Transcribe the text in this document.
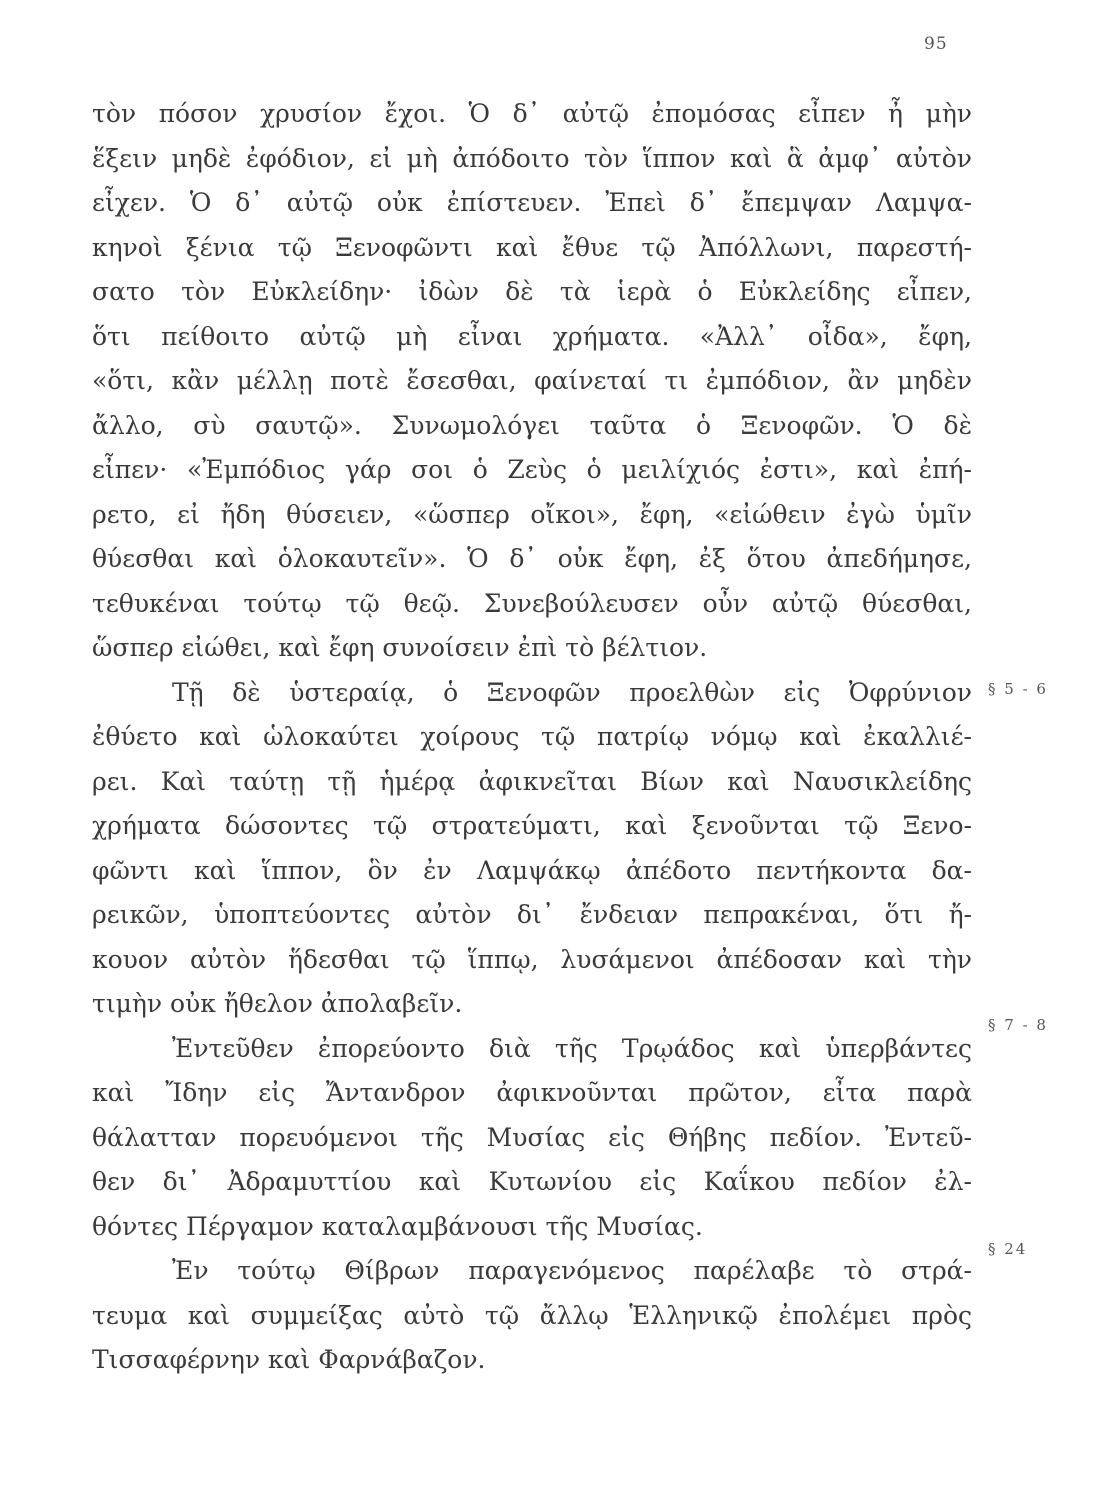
95
τὸν πόσον χρυσίον ἔχοι. Ὁ δ᾽ αὐτῷ ἐπομόσας εἶπεν ἦ μὴν
ἕξειν μηδὲ ἐφόδιον, εἰ μὴ ἀπόδοιτο τὸν ἵππον καὶ ἃ ἀμφ᾽ αὐτὸν
εἶχεν. Ὁ δ᾽ αὐτῷ οὐκ ἐπίστευεν. Ἐπεὶ δ᾽ ἔπεμψαν Λαμψα-
κηνοὶ ξένια τῷ Ξενοφῶντι καὶ ἔθυε τῷ Ἀπόλλωνι, παρεστή-
σατο τὸν Εὐκλείδην· ἰδὼν δὲ τὰ ἱερὰ ὁ Εὐκλείδης εἶπεν,
ὅτι πείθοιτο αὐτῷ μὴ εἶναι χρήματα. «Ἀλλ᾽ οἶδα», ἔφη,
«ὅτι, κἂν μέλλῃ ποτὲ ἔσεσθαι, φαίνεταί τι ἐμπόδιον, ἂν μηδὲν
ἄλλο, σὺ σαυτῷ». Συνωμολόγει ταῦτα ὁ Ξενοφῶν. Ὁ δὲ
εἶπεν· «Ἐμπόδιος γάρ σοι ὁ Ζεὺς ὁ μειλίχιός ἐστι», καὶ ἐπή-
ρετο, εἰ ἤδη θύσειεν, «ὥσπερ οἴκοι», ἔφη, «εἰώθειν ἐγὼ ὑμῖν
θύεσθαι καὶ ὁλοκαυτεῖν». Ὁ δ᾽ οὐκ ἔφη, ἐξ ὅτου ἀπεδήμησε,
τεθυκέναι τούτῳ τῷ θεῷ. Συνεβούλευσεν οὖν αὐτῷ θύεσθαι,
ὥσπερ εἰώθει, καὶ ἔφη συνοίσειν ἐπὶ τὸ βέλτιον.
Τῇ δὲ ὑστεραίᾳ, ὁ Ξενοφῶν προελθὼν εἰς Ὀφρύνιον
ἐθύετο καὶ ὡλοκαύτει χοίρους τῷ πατρίῳ νόμῳ καὶ ἐκαλλιέ-
ρει. Καὶ ταύτῃ τῇ ἡμέρᾳ ἀφικνεῖται Βίων καὶ Ναυσικλείδης
χρήματα δώσοντες τῷ στρατεύματι, καὶ ξενοῦνται τῷ Ξενο-
φῶντι καὶ ἵππον, ὃν ἐν Λαμψάκῳ ἀπέδοτο πεντήκοντα δα-
ρεικῶν, ὑποπτεύοντες αὐτὸν δι᾽ ἔνδειαν πεπρακέναι, ὅτι ἤ-
κουον αὐτὸν ἥδεσθαι τῷ ἵππῳ, λυσάμενοι ἀπέδοσαν καὶ τὴν
τιμὴν οὐκ ἤθελον ἀπολαβεῖν.
Ἐντεῦθεν ἐπορεύοντο διὰ τῆς Τρῳάδος καὶ ὑπερβάντες
καὶ Ἴδην εἰς Ἄντανδρον ἀφικνοῦνται πρῶτον, εἶτα παρὰ
θάλατταν πορευόμενοι τῆς Μυσίας εἰς Θήβης πεδίον. Ἐντεῦ-
θεν δι᾽ Ἀδραμυττίου καὶ Κυτωνίου εἰς Καΐκου πεδίον ἐλ-
θόντες Πέργαμον καταλαμβάνουσι τῆς Μυσίας.
Ἐν τούτῳ Θίβρων παραγενόμενος παρέλαβε τὸ στρά-
τευμα καὶ συμμείξας αὐτὸ τῷ ἄλλῳ Ἑλληνικῷ ἐπολέμει πρὸς
Τισσαφέρνην καὶ Φαρνάβαζον.
§ 5 - 6
§ 7 - 8
§ 24
